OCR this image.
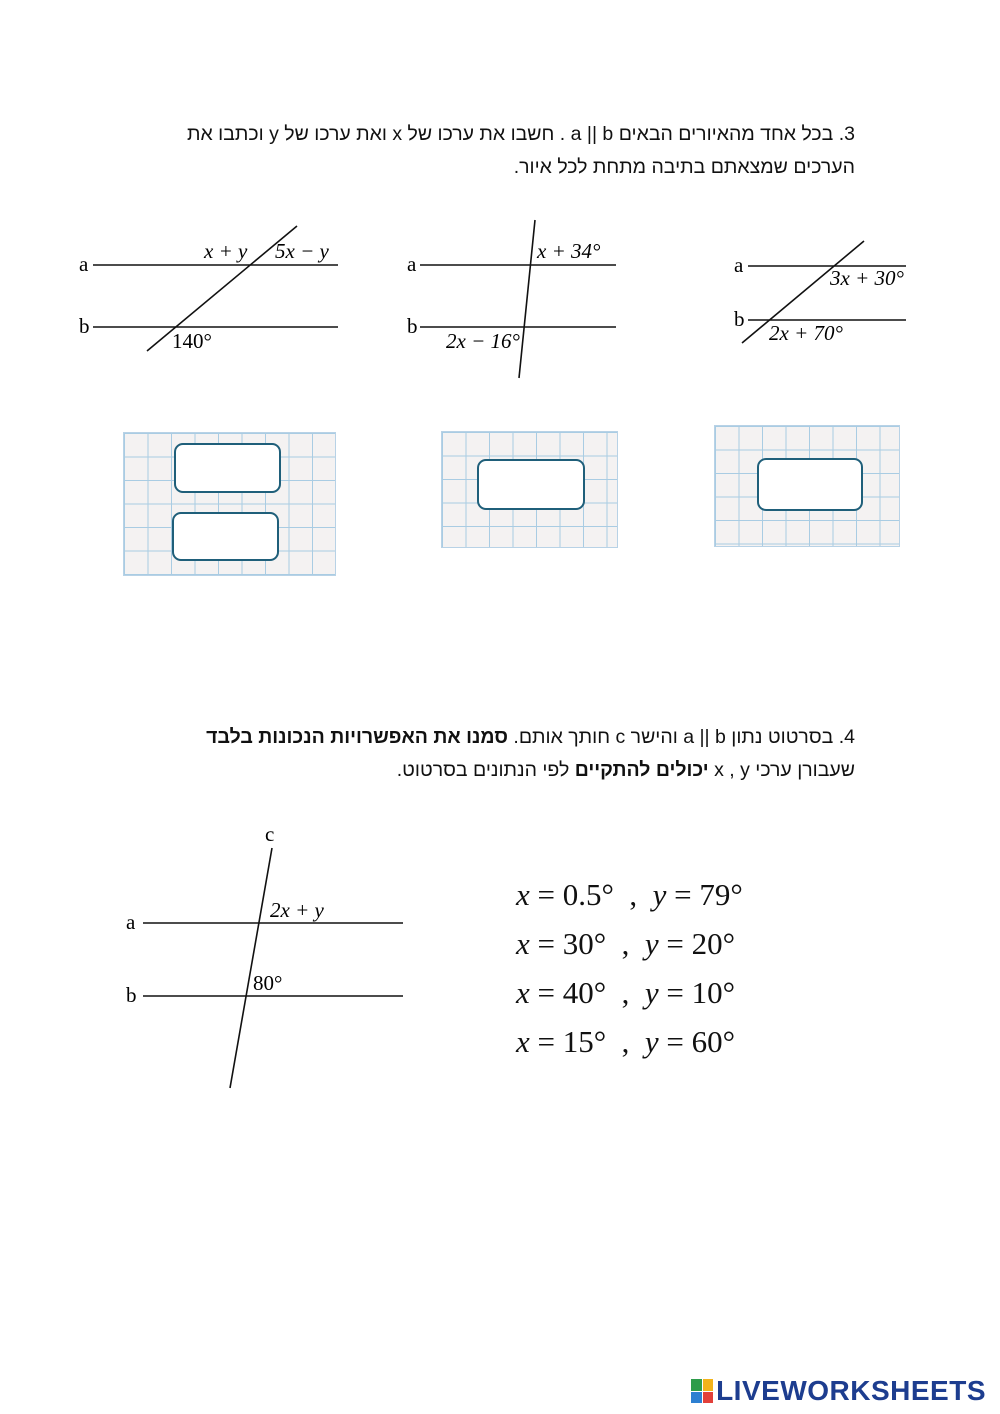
3. בכל אחד מהאיורים הבאים a || b . חשבו את ערכו של x ואת ערכו של y וכתבו את הערכים שמצאתם בתיבה מתחת לכל איור.
a
b
x + y 5x − y
140°
a
b
x + 34°
2x − 16°
a
b
3x + 30°
2x + 70°
a
b
c
2x + y
80°
4. בסרטוט נתון a || b והישר c חותך אותם. סמנו את האפשרויות הנכונות בלבד שעבורן ערכי x , y יכולים להתקיים לפי הנתונים בסרטוט.
x = 0.5°  ,  y = 79°
x = 30°  ,  y = 20°
x = 40°  ,  y = 10°
x = 15°  ,  y = 60°
LIVEWORKSHEETS
